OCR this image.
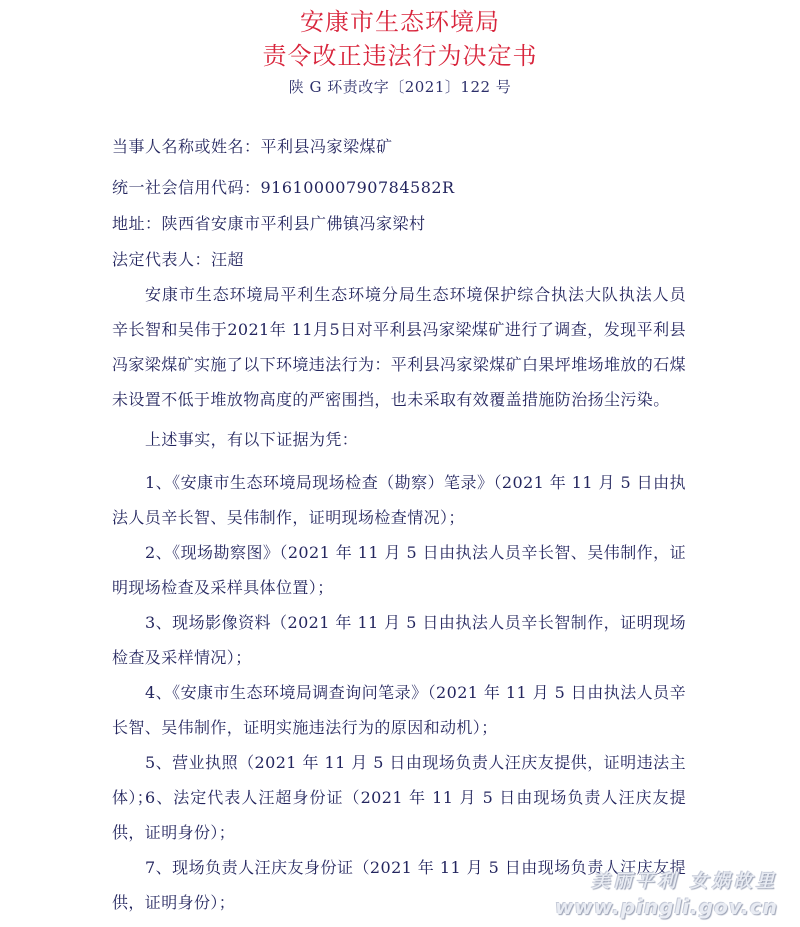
安康市生态环境局
责令改正违法行为决定书
陕 G 环责改字〔2021〕122 号
当事人名称或姓名：平利县冯家梁煤矿
统一社会信用代码：91610000790784582R
地址：陕西省安康市平利县广佛镇冯家梁村
法定代表人：汪超
安康市生态环境局平利生态环境分局生态环境保护综合执法大队执法人员辛长智和吴伟于2021年 11月5日对平利县冯家梁煤矿进行了调查，发现平利县冯家梁煤矿实施了以下环境违法行为：平利县冯家梁煤矿白果坪堆场堆放的石煤未设置不低于堆放物高度的严密围挡，也未采取有效覆盖措施防治扬尘污染。
上述事实，有以下证据为凭：
1、《安康市生态环境局现场检查（勘察）笔录》（2021 年 11 月 5 日由执法人员辛长智、吴伟制作，证明现场检查情况）；
2、《现场勘察图》（2021 年 11 月 5 日由执法人员辛长智、吴伟制作，证明现场检查及采样具体位置）；
3、现场影像资料（2021 年 11 月 5 日由执法人员辛长智制作，证明现场检查及采样情况）；
4、《安康市生态环境局调查询问笔录》（2021 年 11 月 5 日由执法人员辛长智、吴伟制作，证明实施违法行为的原因和动机）；
5、营业执照（2021 年 11 月 5 日由现场负责人汪庆友提供，证明违法主体）；
6、法定代表人汪超身份证（2021 年 11 月 5 日由现场负责人汪庆友提供，证明身份）；
7、现场负责人汪庆友身份证（2021 年 11 月 5 日由现场负责人汪庆友提供，证明身份）；
美丽平利 女娲故里
www.pingli.gov.cn
